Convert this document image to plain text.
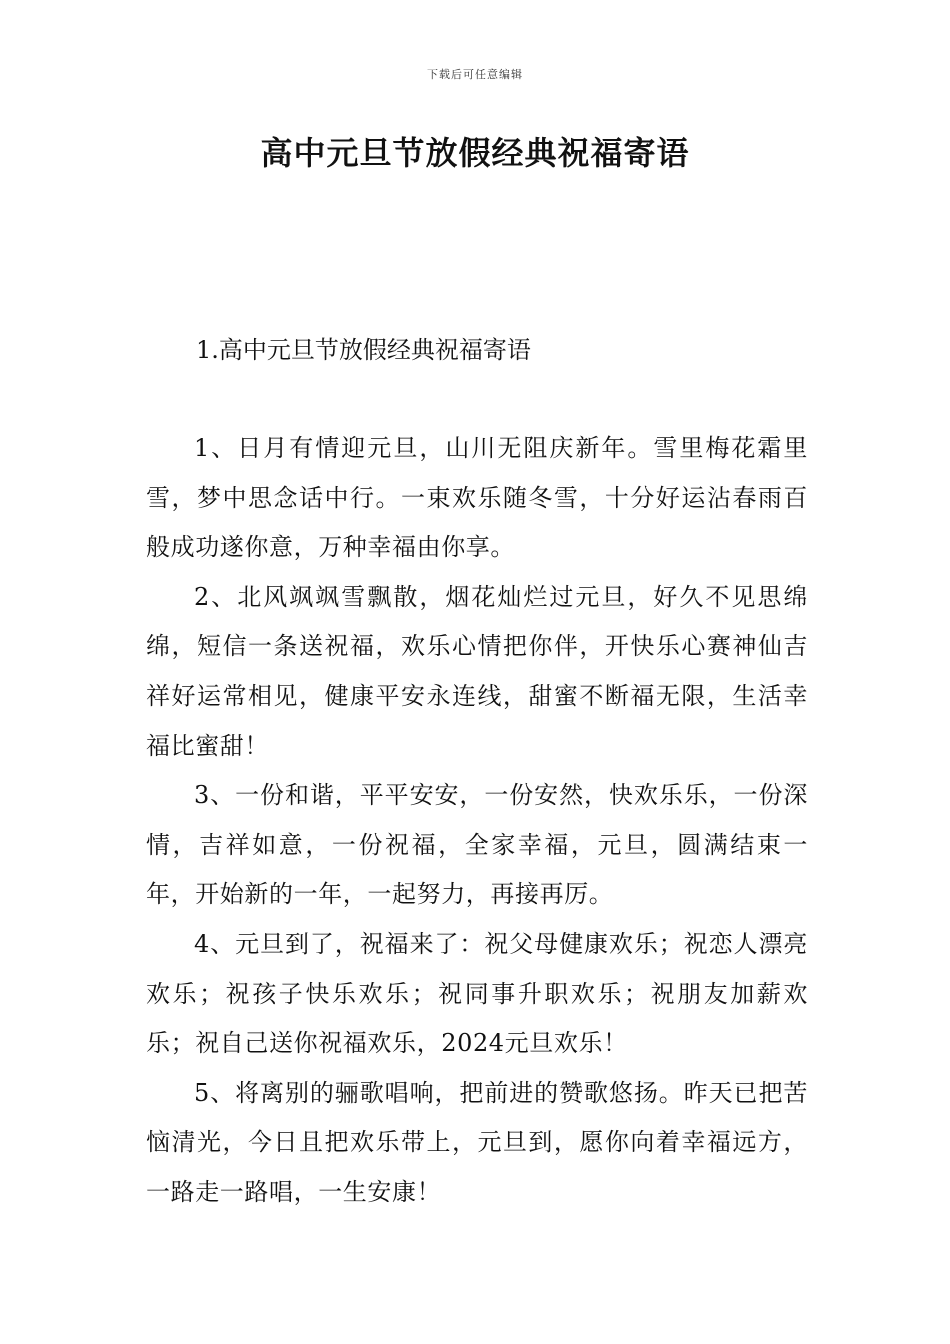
下载后可任意编辑
高中元旦节放假经典祝福寄语

1.高中元旦节放假经典祝福寄语

1、日月有情迎元旦，山川无阻庆新年。雪里梅花霜里雪，梦中思念话中行。一束欢乐随冬雪，十分好运沾春雨百般成功遂你意，万种幸福由你享。

2、北风飒飒雪飘散，烟花灿烂过元旦，好久不见思绵绵，短信一条送祝福，欢乐心情把你伴，开快乐心赛神仙吉祥好运常相见，健康平安永连线，甜蜜不断福无限，生活幸福比蜜甜！

3、一份和谐，平平安安，一份安然，快欢乐乐，一份深情，吉祥如意，一份祝福，全家幸福，元旦，圆满结束一年，开始新的一年，一起努力，再接再厉。

4、元旦到了，祝福来了：祝父母健康欢乐；祝恋人漂亮欢乐；祝孩子快乐欢乐；祝同事升职欢乐；祝朋友加薪欢乐；祝自己送你祝福欢乐，2024元旦欢乐！

5、将离别的骊歌唱响，把前进的赞歌悠扬。昨天已把苦恼清光，今日且把欢乐带上，元旦到，愿你向着幸福远方，一路走一路唱，一生安康！
